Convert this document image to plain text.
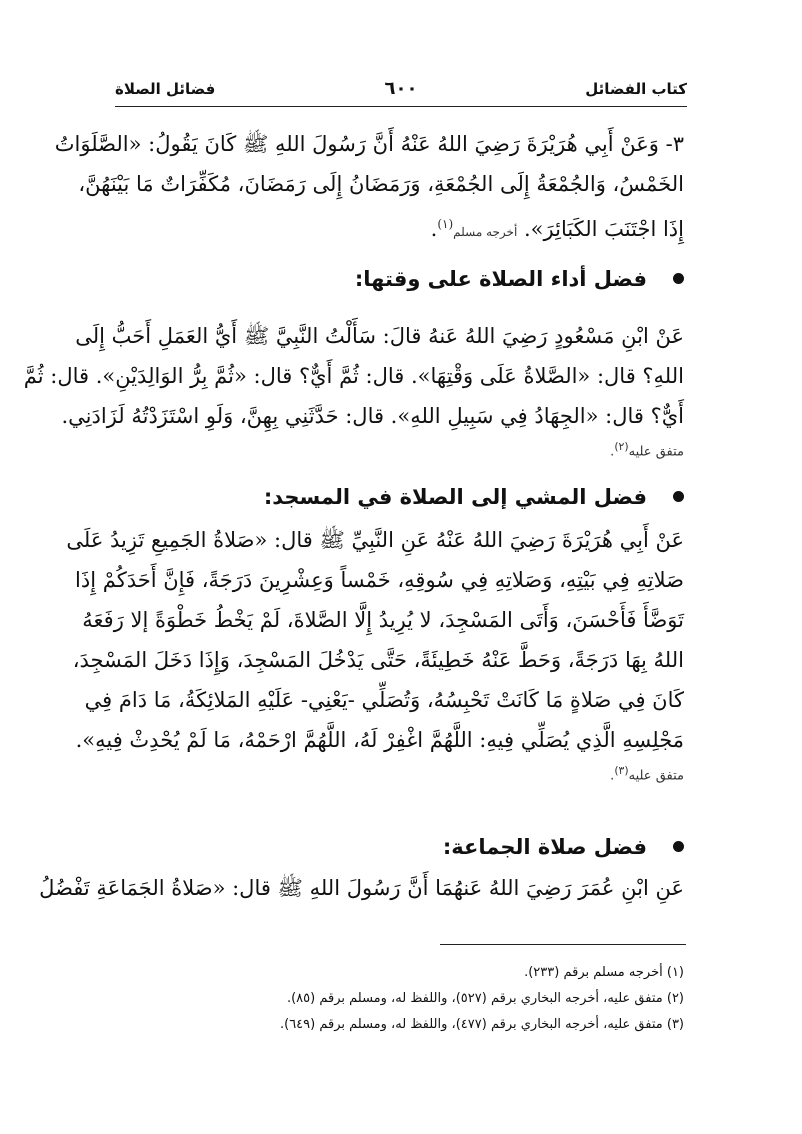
كتاب الفضائل
٦٠٠
فضائل الصلاة
٣- وَعَنْ أَبِي هُرَيْرَةَ رَضِيَ اللهُ عَنْهُ أَنَّ رَسُولَ اللهِ ﷺ كَانَ يَقُولُ: «الصَّلَوَاتُ
الخَمْسُ، وَالجُمْعَةُ إِلَى الجُمْعَةِ، وَرَمَضَانُ إِلَى رَمَضَانَ، مُكَفِّرَاتٌ مَا بَيْنَهُنَّ،
إِذَا اجْتَنَبَ الكَبَائِرَ». أخرجه مسلم$^{(١)}$.
فضل أداء الصلاة على وقتها:
عَنْ ابْنِ مَسْعُودٍ رَضِيَ اللهُ عَنهُ قالَ: سَأَلْتُ النَّبِيَّ ﷺ أَيُّ العَمَلِ أَحَبُّ إِلَى
اللهِ؟ قال: «الصَّلاةُ عَلَى وَقْتِهَا». قال: ثُمَّ أَيٌّ؟ قال: «ثُمَّ بِرُّ الوَالِدَيْنِ». قال: ثُمَّ
أَيٌّ؟ قال: «الجِهَادُ فِي سَبِيلِ اللهِ». قال: حَدَّثَنِي بِهِنَّ، وَلَوِ اسْتَزَدْتُهُ لَزَادَنِي.
متفق عليه$^{(٢)}$.
فضل المشي إلى الصلاة في المسجد:
عَنْ أَبِي هُرَيْرَةَ رَضِيَ اللهُ عَنْهُ عَنِ النَّبِيِّ ﷺ قال: «صَلاةُ الجَمِيعِ تَزِيدُ عَلَى
صَلاتِهِ فِي بَيْتِهِ، وَصَلاتِهِ فِي سُوقِهِ، خَمْساً وَعِشْرِينَ دَرَجَةً، فَإِنَّ أَحَدَكُمْ إِذَا
تَوَضَّأَ فَأَحْسَنَ، وَأَتَى المَسْجِدَ، لا يُرِيدُ إِلَّا الصَّلاةَ، لَمْ يَخْطُ خَطْوَةً إلا رَفَعَهُ
اللهُ بِهَا دَرَجَةً، وَحَطَّ عَنْهُ خَطِيئَةً، حَتَّى يَدْخُلَ المَسْجِدَ، وَإِذَا دَخَلَ المَسْجِدَ،
كَانَ فِي صَلاةٍ مَا كَانَتْ تَحْبِسُهُ، وَتُصَلِّي -يَعْنِي- عَلَيْهِ المَلائِكَةُ، مَا دَامَ فِي
مَجْلِسِهِ الَّذِي يُصَلِّي فِيهِ: اللَّهُمَّ اغْفِرْ لَهُ، اللَّهُمَّ ارْحَمْهُ، مَا لَمْ يُحْدِثْ فِيهِ».
متفق عليه$^{(٣)}$.
فضل صلاة الجماعة:
عَنِ ابْنِ عُمَرَ رَضِيَ اللهُ عَنهُمَا أَنَّ رَسُولَ اللهِ ﷺ قال: «صَلاةُ الجَمَاعَةِ تَفْضُلُ
(١) أخرجه مسلم برقم (٢٣٣).
(٢) متفق عليه، أخرجه البخاري برقم (٥٢٧)، واللفظ له، ومسلم برقم (٨٥).
(٣) متفق عليه، أخرجه البخاري برقم (٤٧٧)، واللفظ له، ومسلم برقم (٦٤٩).
